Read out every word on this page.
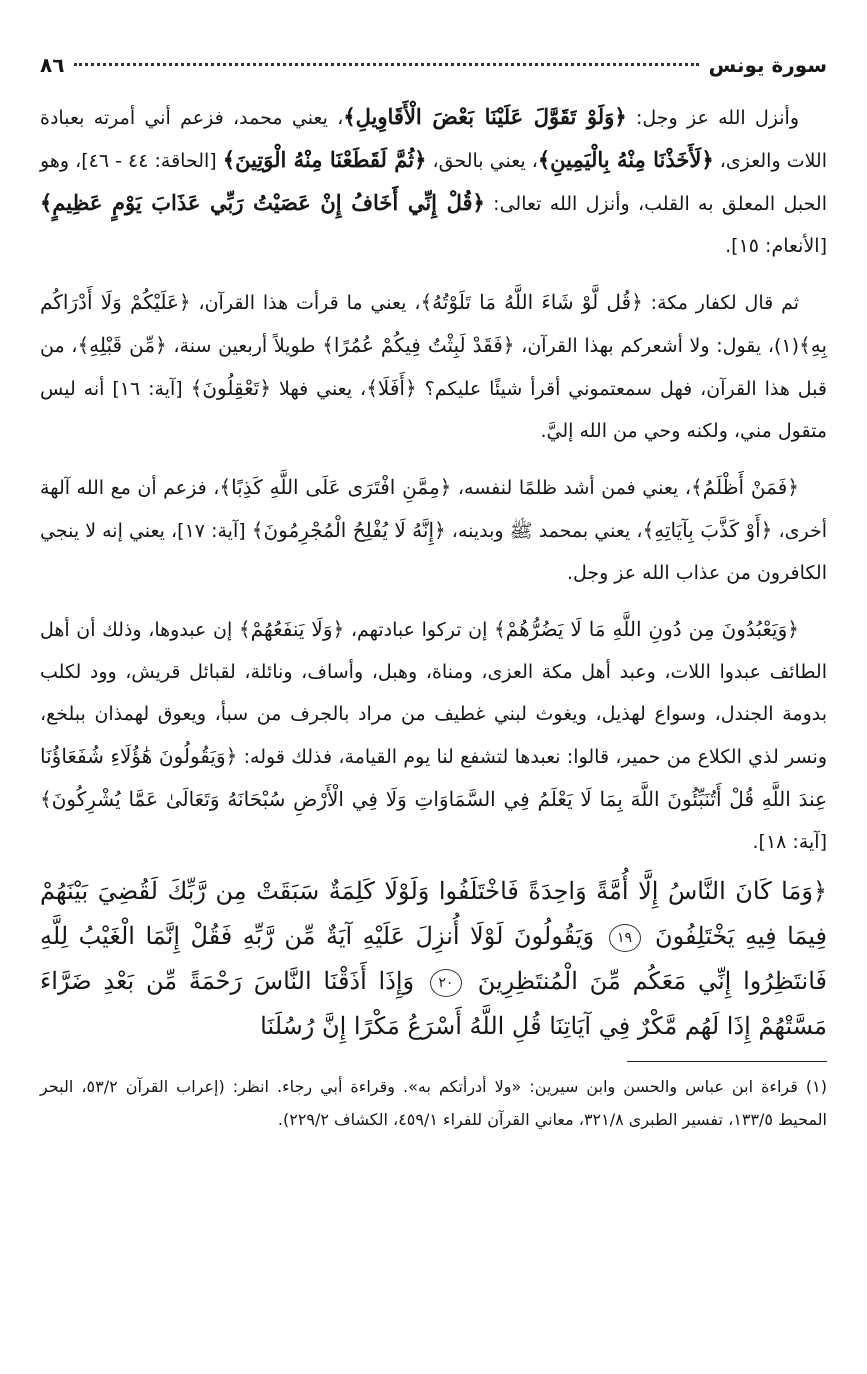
سورة يونس
٨٦

وأنزل الله عز وجل: ﴿وَلَوْ تَقَوَّلَ عَلَيْنَا بَعْضَ الْأَقَاوِيلِ﴾، يعني محمد، فزعم أني أمرته بعبادة اللات والعزى، ﴿لَأَخَذْنَا مِنْهُ بِالْيَمِينِ﴾، يعني بالحق، ﴿ثُمَّ لَقَطَعْنَا مِنْهُ الْوَتِينَ﴾ [الحاقة: ٤٤ - ٤٦]، وهو الحبل المعلق به القلب، وأنزل الله تعالى: ﴿قُلْ إِنِّي أَخَافُ إِنْ عَصَيْتُ رَبِّي عَذَابَ يَوْمٍ عَظِيمٍ﴾ [الأنعام: ١٥].

ثم قال لكفار مكة: ﴿قُل لَّوْ شَاءَ اللَّهُ مَا تَلَوْتُهُ﴾، يعني ما قرأت هذا القرآن، ﴿عَلَيْكُمْ وَلَا أَدْرَاكُم بِهِ﴾(١)، يقول: ولا أشعركم بهذا القرآن، ﴿فَقَدْ لَبِثْتُ فِيكُمْ عُمُرًا﴾ طويلاً أربعين سنة، ﴿مِّن قَبْلِهِ﴾، من قبل هذا القرآن، فهل سمعتموني أقرأ شيئًا عليكم؟ ﴿أَفَلَا﴾، يعني فهلا ﴿تَعْقِلُونَ﴾ [آية: ١٦] أنه ليس متقول مني، ولكنه وحي من الله إليَّ.

﴿فَمَنْ أَظْلَمُ﴾، يعني فمن أشد ظلمًا لنفسه، ﴿مِمَّنِ افْتَرَى عَلَى اللَّهِ كَذِبًا﴾، فزعم أن مع الله آلهة أخرى، ﴿أَوْ كَذَّبَ بِآيَاتِهِ﴾، يعني بمحمد ﷺ وبدينه، ﴿إِنَّهُ لَا يُفْلِحُ الْمُجْرِمُونَ﴾ [آية: ١٧]، يعني إنه لا ينجي الكافرون من عذاب الله عز وجل.

﴿وَيَعْبُدُونَ مِن دُونِ اللَّهِ مَا لَا يَضُرُّهُمْ﴾ إن تركوا عبادتهم، ﴿وَلَا يَنفَعُهُمْ﴾ إن عبدوها، وذلك أن أهل الطائف عبدوا اللات، وعبد أهل مكة العزى، ومناة، وهبل، وأساف، ونائلة، لقبائل قريش، وود لكلب بدومة الجندل، وسواع لهذيل، ويغوث لبني غطيف من مراد بالجرف من سبأ، ويعوق لهمذان ببلخع، ونسر لذي الكلاع من حمير، قالوا: نعبدها لتشفع لنا يوم القيامة، فذلك قوله: ﴿وَيَقُولُونَ هَٰؤُلَاءِ شُفَعَاؤُنَا عِندَ اللَّهِ قُلْ أَتُنَبِّئُونَ اللَّهَ بِمَا لَا يَعْلَمُ فِي السَّمَاوَاتِ وَلَا فِي الْأَرْضِ سُبْحَانَهُ وَتَعَالَىٰ عَمَّا يُشْرِكُونَ﴾ [آية: ١٨].

﴿وَمَا كَانَ النَّاسُ إِلَّا أُمَّةً وَاحِدَةً فَاخْتَلَفُوا وَلَوْلَا كَلِمَةٌ سَبَقَتْ مِن رَّبِّكَ لَقُضِيَ بَيْنَهُمْ فِيمَا فِيهِ يَخْتَلِفُونَ ١٩ وَيَقُولُونَ لَوْلَا أُنزِلَ عَلَيْهِ آيَةٌ مِّن رَّبِّهِ فَقُلْ إِنَّمَا الْغَيْبُ لِلَّهِ فَانتَظِرُوا إِنِّي مَعَكُم مِّنَ الْمُنتَظِرِينَ ٢٠ وَإِذَا أَذَقْنَا النَّاسَ رَحْمَةً مِّن بَعْدِ ضَرَّاءَ مَسَّتْهُمْ إِذَا لَهُم مَّكْرٌ فِي آيَاتِنَا قُلِ اللَّهُ أَسْرَعُ مَكْرًا إِنَّ رُسُلَنَا

(١) قراءة ابن عباس والحسن وابن سيرين: «ولا أدرأتكم به». وقراءة أبي رجاء. انظر: (إعراب القرآن ٥٣/٢، البحر المحيط ١٣٣/٥، تفسير الطبرى ٣٢١/٨، معاني القرآن للفراء ٤٥٩/١، الكشاف ٢٢٩/٢).
